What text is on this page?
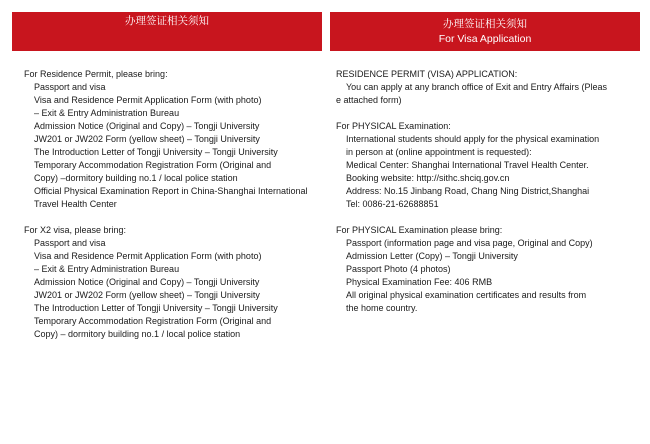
办理签证相关须知
For Residence Permit, please bring:
Passport and visa
Visa and Residence Permit Application Form (with photo)
– Exit & Entry Administration Bureau
Admission Notice (Original and Copy) – Tongji University
JW201 or JW202 Form (yellow sheet) – Tongji University
The Introduction Letter of Tongji University – Tongji University
Temporary Accommodation Registration Form (Original and
Copy) –dormitory building no.1 / local police station
Official Physical Examination Report in China-Shanghai International
Travel Health Center
For X2 visa, please bring:
Passport and visa
Visa and Residence Permit Application Form (with photo)
– Exit & Entry Administration Bureau
Admission Notice (Original and Copy) – Tongji University
JW201 or JW202 Form (yellow sheet) – Tongji University
The Introduction Letter of Tongji University – Tongji University
Temporary Accommodation Registration Form (Original and
Copy) – dormitory building no.1 / local police station
办理签证相关须知
For Visa Application
RESIDENCE PERMIT (VISA) APPLICATION:
You can apply at any branch office of Exit and Entry Affairs (Pleas
e attached form)
For PHYSICAL Examination:
International students should apply for the physical examination
in person at (online appointment is requested):
Medical Center: Shanghai International Travel Health Center.
Booking website: http://sithc.shciq.gov.cn
Address: No.15 Jinbang Road, Chang Ning District,Shanghai
Tel: 0086-21-62688851
For PHYSICAL Examination please bring:
Passport (information page and visa page, Original and Copy)
Admission Letter (Copy) – Tongji University
Passport Photo (4 photos)
Physical Examination Fee: 406 RMB
All original physical examination certificates and results from
the home country.
